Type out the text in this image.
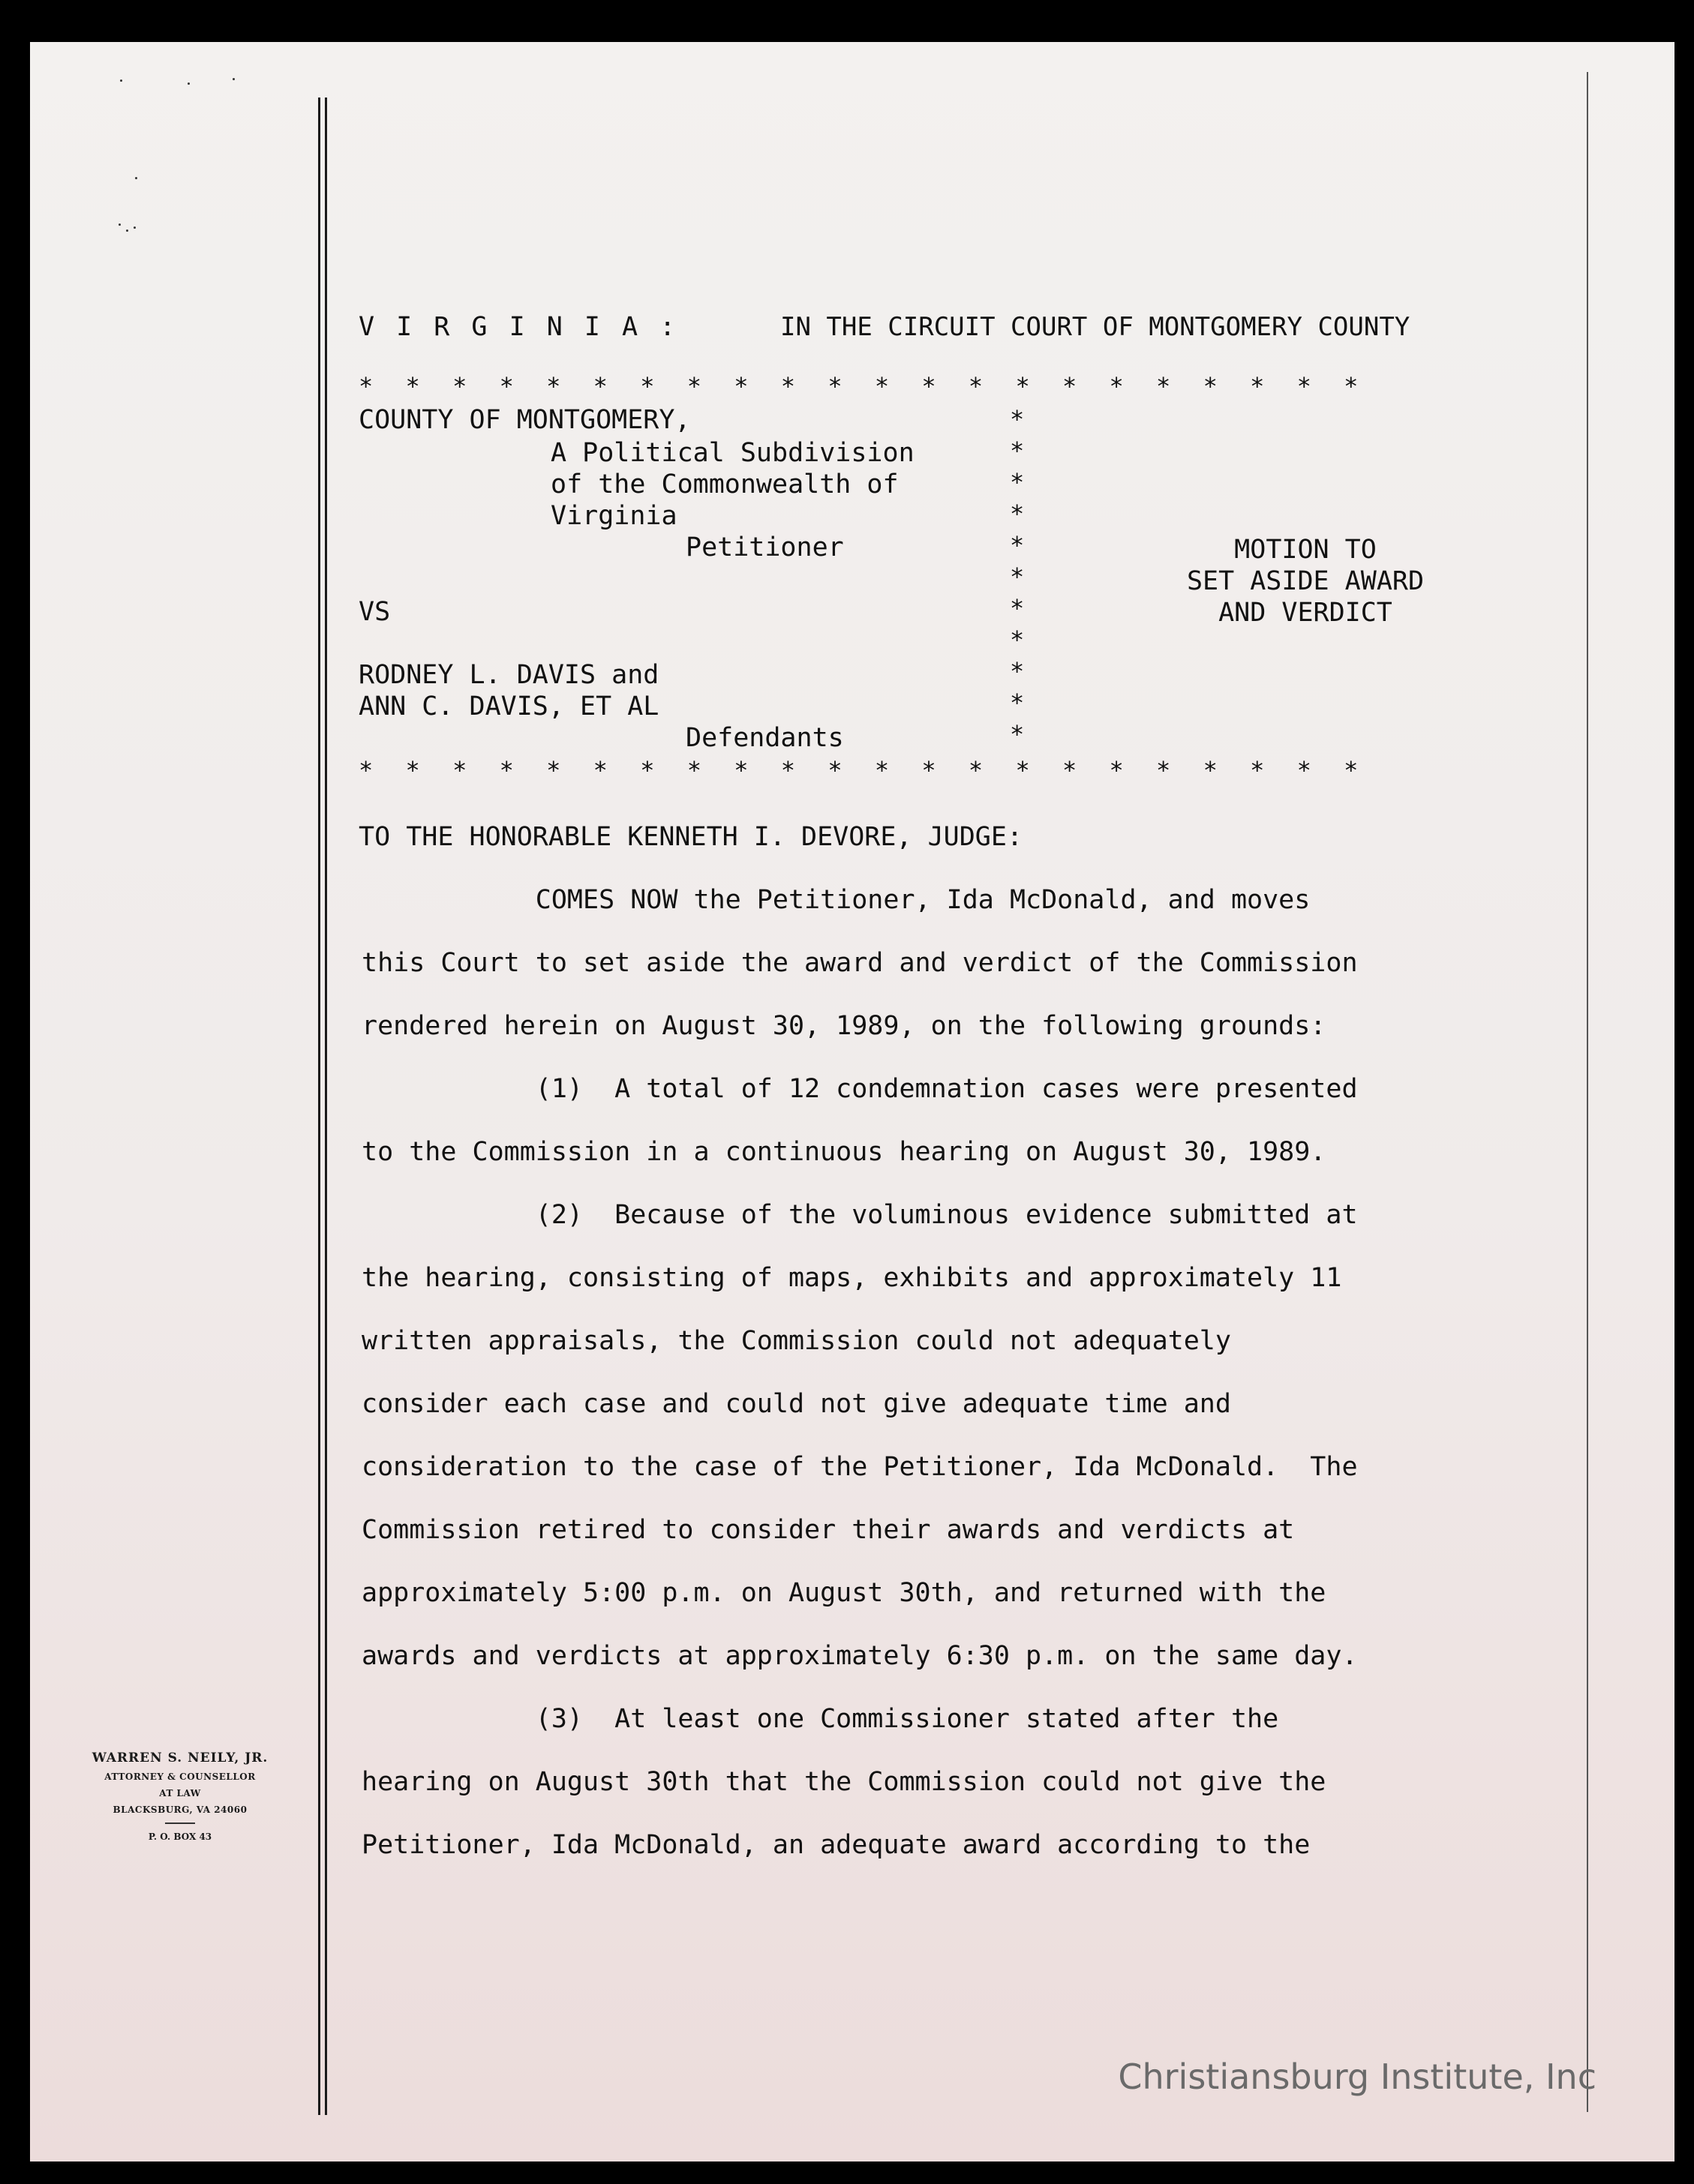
V I R G I N I A :	IN THE CIRCUIT COURT OF MONTGOMERY COUNTY
* * * * * * * * * * * * * * * * * * * * * *
COUNTY OF MONTGOMERY,
A Political Subdivision
of the Commonwealth of
Virginia
Petitioner
VS
RODNEY L. DAVIS and
ANN C. DAVIS, ET AL
Defendants
* * * * * * * * * * * * * * * * * * * * * *
*
*
*
*
*
*
*
*
*
*
*
MOTION TO
SET ASIDE AWARD
AND VERDICT
TO THE HONORABLE KENNETH I. DEVORE, JUDGE:
COMES NOW the Petitioner, Ida McDonald, and moves
this Court to set aside the award and verdict of the Commission
rendered herein on August 30, 1989, on the following grounds:
(1)  A total of 12 condemnation cases were presented
to the Commission in a continuous hearing on August 30, 1989.
(2)  Because of the voluminous evidence submitted at
the hearing, consisting of maps, exhibits and approximately 11
written appraisals, the Commission could not adequately
consider each case and could not give adequate time and
consideration to the case of the Petitioner, Ida McDonald.  The
Commission retired to consider their awards and verdicts at
approximately 5:00 p.m. on August 30th, and returned with the
awards and verdicts at approximately 6:30 p.m. on the same day.
(3)  At least one Commissioner stated after the
hearing on August 30th that the Commission could not give the
Petitioner, Ida McDonald, an adequate award according to the
WARREN S. NEILY, JR.
ATTORNEY & COUNSELLOR
AT LAW
BLACKSBURG, VA 24060
P. O. BOX 43
Christiansburg Institute, Inc
